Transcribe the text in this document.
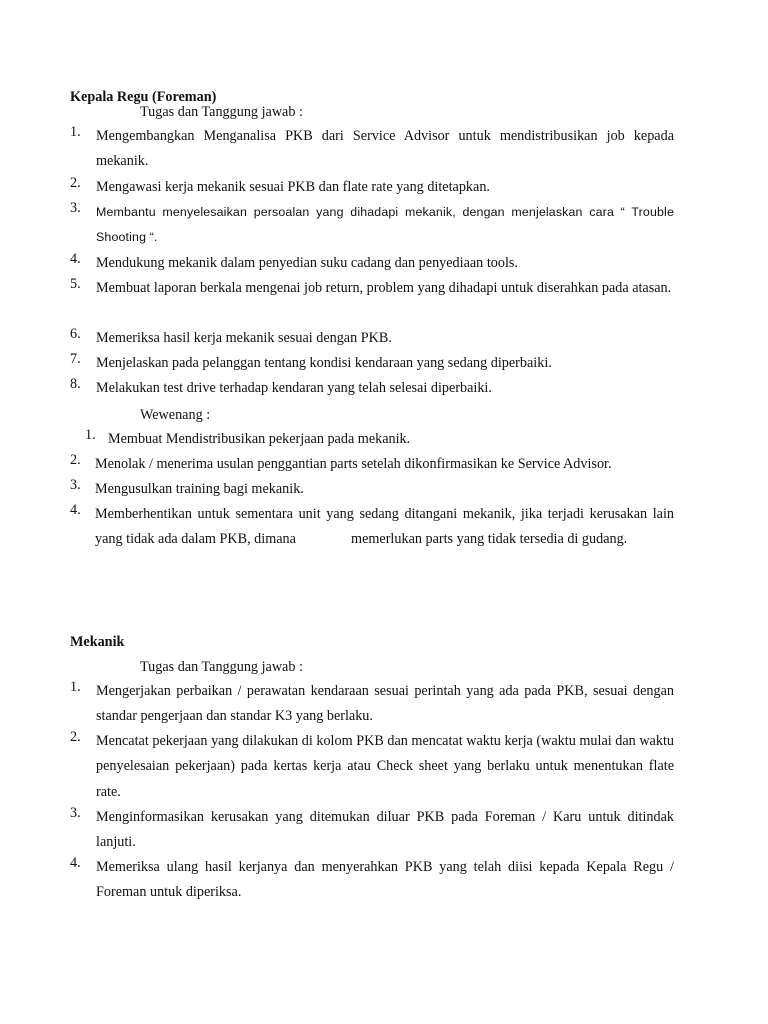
Kepala Regu (Foreman)
Tugas dan Tanggung jawab :
1. Mengembangkan Menganalisa PKB dari Service Advisor untuk mendistribusikan job kepada mekanik.
2. Mengawasi kerja mekanik sesuai PKB dan flate rate yang ditetapkan.
3. Membantu menyelesaikan persoalan yang dihadapi mekanik, dengan menjelaskan cara “ Trouble Shooting “.
4. Mendukung mekanik dalam penyedian suku cadang dan penyediaan tools.
5. Membuat laporan berkala mengenai job return, problem yang dihadapi untuk diserahkan pada atasan.
6. Memeriksa hasil kerja mekanik sesuai dengan PKB.
7. Menjelaskan pada pelanggan tentang kondisi kendaraan yang sedang diperbaiki.
8. Melakukan test drive terhadap kendaran yang telah selesai diperbaiki.
Wewenang :
1. Membuat Mendistribusikan pekerjaan pada mekanik.
2. Menolak / menerima usulan penggantian parts setelah dikonfirmasikan ke Service Advisor.
3. Mengusulkan training bagi mekanik.
4. Memberhentikan untuk sementara unit yang sedang ditangani mekanik, jika terjadi kerusakan lain yang tidak ada dalam PKB, dimana	memerlukan parts yang tidak tersedia di gudang.
Mekanik
Tugas dan Tanggung jawab :
1. Mengerjakan perbaikan / perawatan kendaraan sesuai perintah yang ada pada PKB, sesuai dengan standar pengerjaan dan standar K3 yang berlaku.
2. Mencatat pekerjaan yang dilakukan di kolom PKB dan mencatat waktu kerja (waktu mulai dan waktu penyelesaian pekerjaan) pada kertas kerja atau Check sheet yang berlaku untuk menentukan flate rate.
3. Menginformasikan kerusakan yang ditemukan diluar PKB pada Foreman / Karu untuk ditindak lanjuti.
4. Memeriksa ulang hasil kerjanya dan menyerahkan PKB yang telah diisi kepada Kepala Regu / Foreman untuk diperiksa.
